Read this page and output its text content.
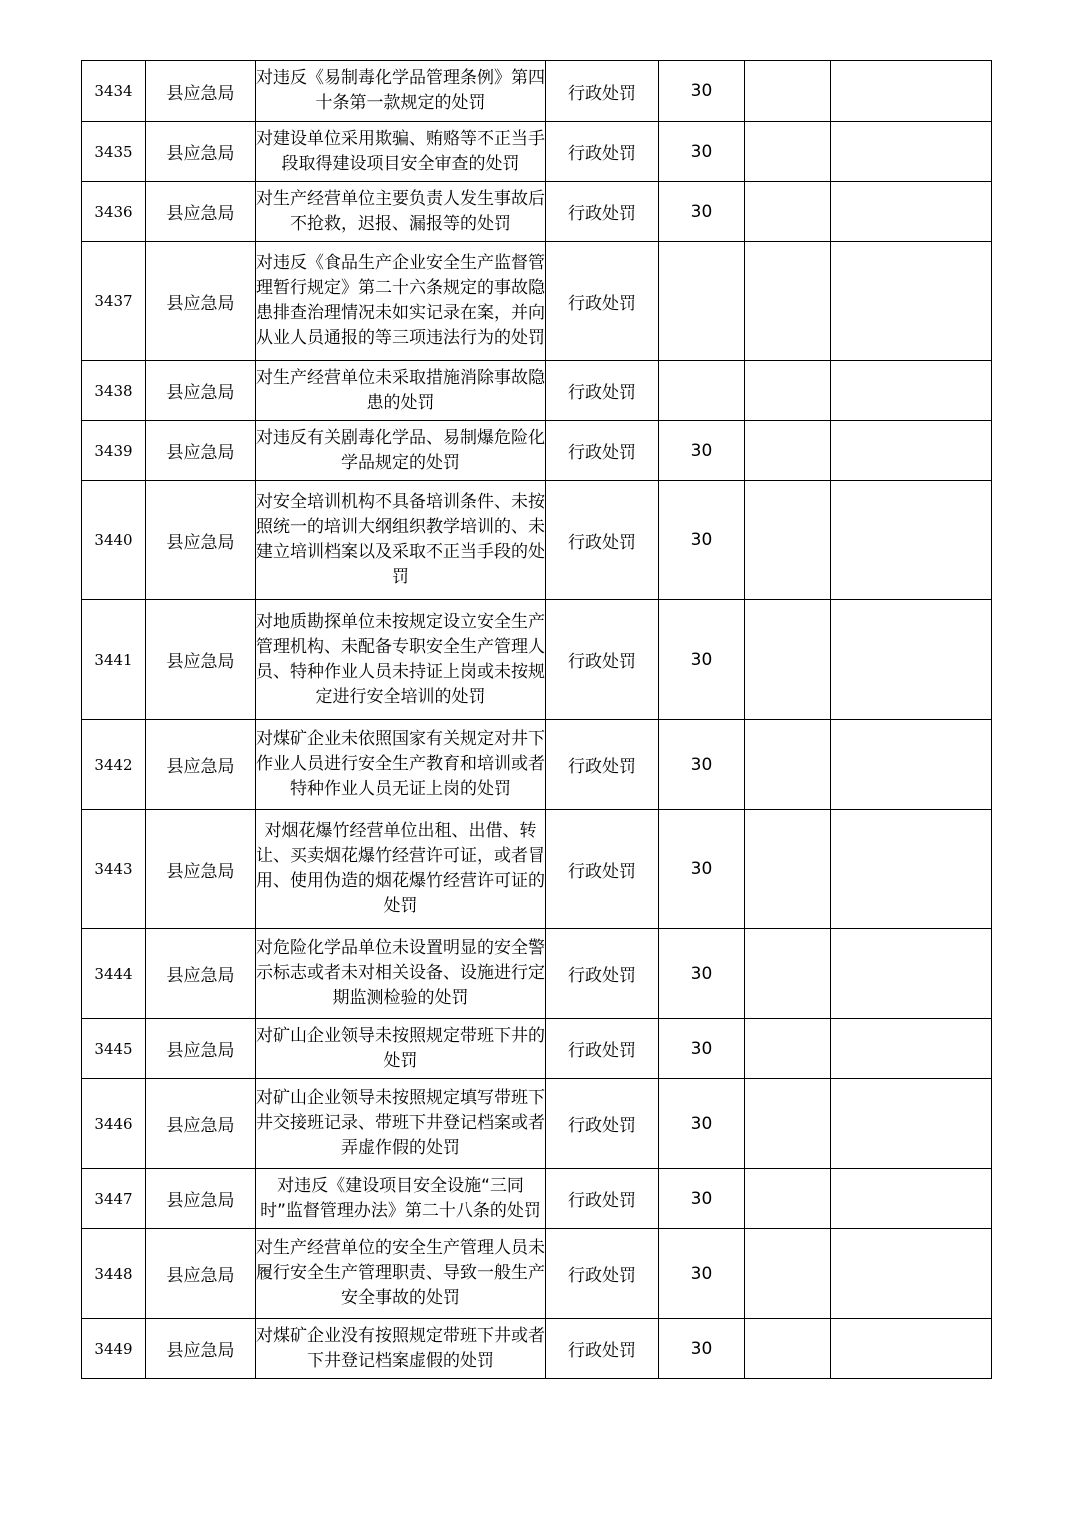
3434	县应急局	对违反《易制毒化学品管理条例》第四十条第一款规定的处罚	行政处罚	30		
3435	县应急局	对建设单位采用欺骗、贿赂等不正当手段取得建设项目安全审查的处罚	行政处罚	30		
3436	县应急局	对生产经营单位主要负责人发生事故后不抢救，迟报、漏报等的处罚	行政处罚	30		
3437	县应急局	对违反《食品生产企业安全生产监督管理暂行规定》第二十六条规定的事故隐患排查治理情况未如实记录在案，并向从业人员通报的等三项违法行为的处罚	行政处罚			
3438	县应急局	对生产经营单位未采取措施消除事故隐患的处罚	行政处罚			
3439	县应急局	对违反有关剧毒化学品、易制爆危险化学品规定的处罚	行政处罚	30		
3440	县应急局	对安全培训机构不具备培训条件、未按照统一的培训大纲组织教学培训的、未建立培训档案以及采取不正当手段的处罚	行政处罚	30		
3441	县应急局	对地质勘探单位未按规定设立安全生产管理机构、未配备专职安全生产管理人员、特种作业人员未持证上岗或未按规定进行安全培训的处罚	行政处罚	30		
3442	县应急局	对煤矿企业未依照国家有关规定对井下作业人员进行安全生产教育和培训或者特种作业人员无证上岗的处罚	行政处罚	30		
3443	县应急局	对烟花爆竹经营单位出租、出借、转让、买卖烟花爆竹经营许可证，或者冒用、使用伪造的烟花爆竹经营许可证的处罚	行政处罚	30		
3444	县应急局	对危险化学品单位未设置明显的安全警示标志或者未对相关设备、设施进行定期监测检验的处罚	行政处罚	30		
3445	县应急局	对矿山企业领导未按照规定带班下井的处罚	行政处罚	30		
3446	县应急局	对矿山企业领导未按照规定填写带班下井交接班记录、带班下井登记档案或者弄虚作假的处罚	行政处罚	30		
3447	县应急局	对违反《建设项目安全设施“三同时”监督管理办法》第二十八条的处罚	行政处罚	30		
3448	县应急局	对生产经营单位的安全生产管理人员未履行安全生产管理职责、导致一般生产安全事故的处罚	行政处罚	30		
3449	县应急局	对煤矿企业没有按照规定带班下井或者下井登记档案虚假的处罚	行政处罚	30		
